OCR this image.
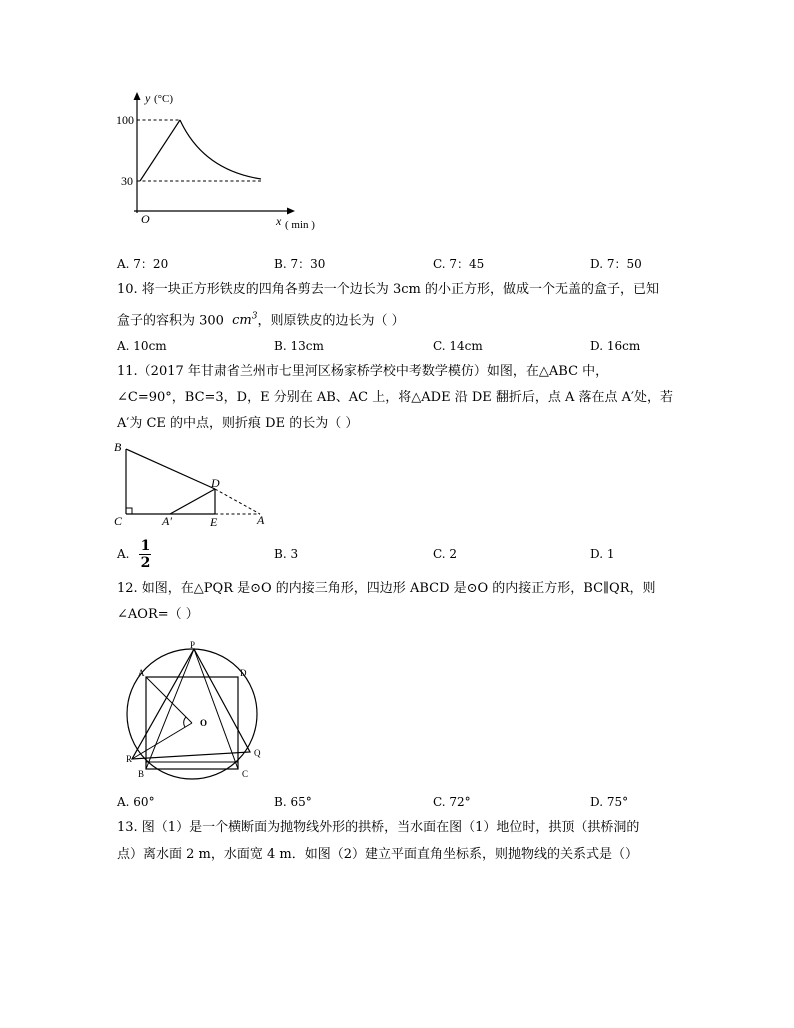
y (°C)
100
30
O	x ( min )
A. 7：20	B. 7：30	C. 7：45	D. 7：50
10. 将一块正方形铁皮的四角各剪去一个边长为 3cm 的小正方形，做成一个无盖的盒子，已知
盒子的容积为 300 $cm^3$，则原铁皮的边长为（ ）
A. 10cm	B. 13cm	C. 14cm	D. 16cm
11.（2017 年甘肃省兰州市七里河区杨家桥学校中考数学模仿）如图，在△ABC 中，
∠C=90°，BC=3，D，E 分别在 AB、AC 上，将△ADE 沿 DE 翻折后，点 A 落在点 A′处，若
A′为 CE 的中点，则折痕 DE 的长为（ ）
B
C	A′	E	A
D
A. $\frac{1}{2}$	B. 3	C. 2	D. 1
12. 如图，在△PQR 是⊙O 的内接三角形，四边形 ABCD 是⊙O 的内接正方形，BC∥QR，则
∠AOR=（ ）
P
A	D
O
R
Q
B	C
A. 60°	B. 65°	C. 72°	D. 75°
13. 图（1）是一个横断面为抛物线外形的拱桥，当水面在图（1）地位时，拱顶（拱桥洞的
点）离水面 2 m，水面宽 4 m．如图（2）建立平面直角坐标系，则抛物线的关系式是（）
